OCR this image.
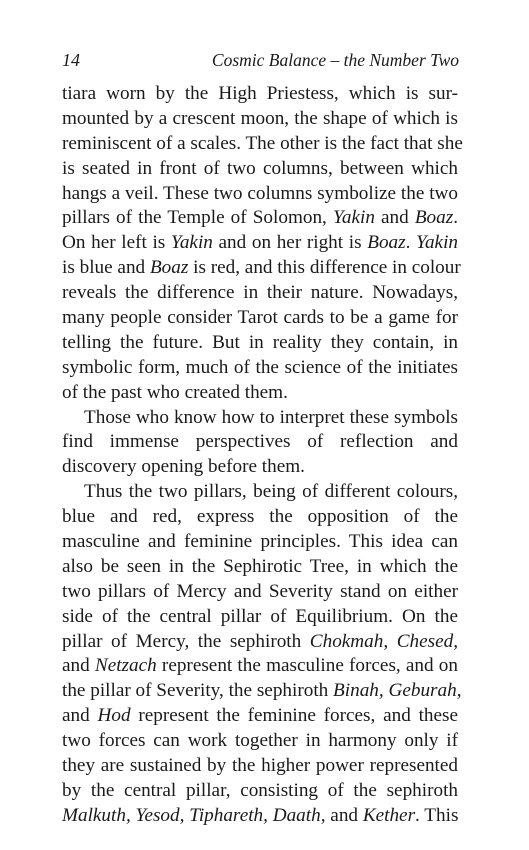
14	Cosmic Balance – the Number Two
tiara worn by the High Priestess, which is sur-
mounted by a crescent moon, the shape of which is
reminiscent of a scales. The other is the fact that she
is seated in front of two columns, between which
hangs a veil. These two columns symbolize the two
pillars of the Temple of Solomon, Yakin and Boaz.
On her left is Yakin and on her right is Boaz. Yakin
is blue and Boaz is red, and this difference in colour
reveals the difference in their nature. Nowadays,
many people consider Tarot cards to be a game for
telling the future. But in reality they contain, in
symbolic form, much of the science of the initiates
of the past who created them.
Those who know how to interpret these symbols
find immense perspectives of reflection and
discovery opening before them.
Thus the two pillars, being of different colours,
blue and red, express the opposition of the
masculine and feminine principles. This idea can
also be seen in the Sephirotic Tree, in which the
two pillars of Mercy and Severity stand on either
side of the central pillar of Equilibrium. On the
pillar of Mercy, the sephiroth Chokmah, Chesed,
and Netzach represent the masculine forces, and on
the pillar of Severity, the sephiroth Binah, Geburah,
and Hod represent the feminine forces, and these
two forces can work together in harmony only if
they are sustained by the higher power represented
by the central pillar, consisting of the sephiroth
Malkuth, Yesod, Tiphareth, Daath, and Kether. This
